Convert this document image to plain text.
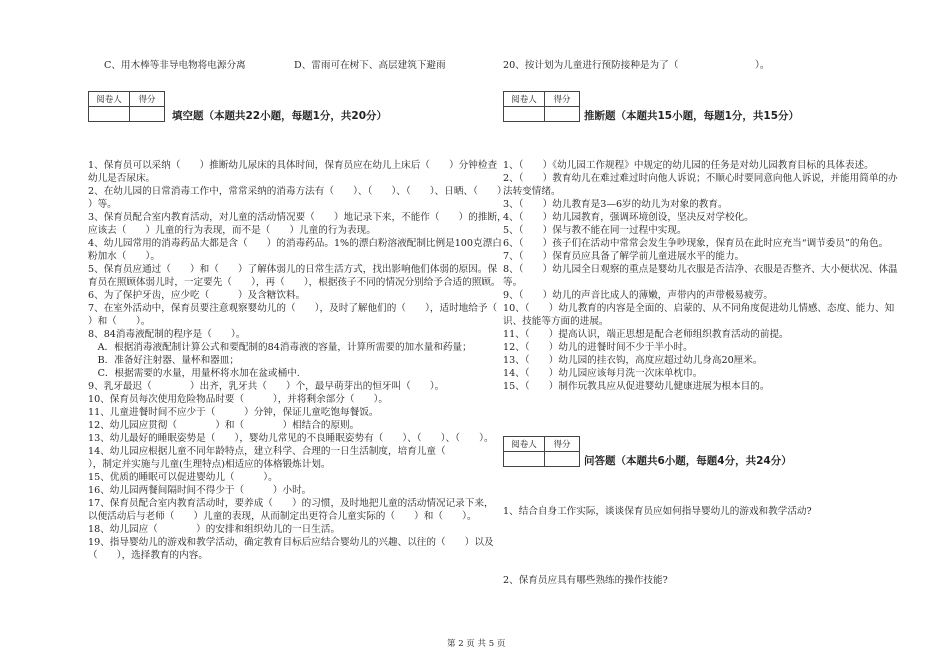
C、用木棒等非导电物将电源分离	D、雷雨可在树下、高层建筑下避雨
阅卷人	得分

填空题（本题共22小题，每题1分，共20分）
1、保育员可以采纳（　　）推断幼儿尿床的具体时间，保育员应在幼儿上床后（　　）分钟检查
幼儿是否尿床。
2、在幼儿园的日常消毒工作中，常常采纳的消毒方法有（　　）、（　　）、（　　）、日晒、（　　）
）等。
3、保育员配合室内教育活动，对儿童的活动情况要（　　）地记录下来，不能作（　　）的推断，
应该去（　　）儿童的行为表现，而不是（　　）儿童的行为表现。
4、幼儿园常用的消毒药品大都是含（　　）的消毒药品。1%的漂白粉溶液配制比例是100克漂白
粉加水（　　）。
5、保育员应通过（　　）和（　　）了解体弱儿的日常生活方式，找出影响他们体弱的原因。保
育员在照顾体弱儿时，一定要先（　　），再（　　），根据孩子不同的情况分别给予合适的照顾。
6、为了保护牙齿，应少吃（　　　）及含糖饮料。
7、在室外活动中，保育员要注意观察婴幼儿的（　　），及时了解他们的（　　），适时地给予（
）和（　　）。
8、84消毒液配制的程序是（　　）。
　A．根据消毒液配制计算公式和要配制的84消毒液的容量，计算所需要的加水量和药量；
　B．准备好注射器、量杯和器皿；
　C．根据需要的水量，用量杯将水加在盆或桶中.
9、乳牙最迟（　　　　）出齐，乳牙共（　　）个，最早萌芽出的恒牙叫（　　）。
10、保育员每次使用危险物品时要（　　　），并将剩余部分（　　）。
11、儿童进餐时间不应少于（　　　）分钟，保证儿童吃饱每餐饭。
12、幼儿园应贯彻（　　　　）和（　　　　）相结合的原则。
13、幼儿最好的睡眠姿势是（　　），婴幼儿常见的不良睡眠姿势有（　　）、（　　）、（　　）。
14、幼儿园应根据儿童不同年龄特点，建立科学、合理的一日生活制度，培育儿童（　　　　
），制定并实施与儿童(生理特点)相适应的体格锻炼计划。
15、优质的睡眠可以促进婴幼儿（　　　）。
16、幼儿园两餐间隔时间不得少于（　　　）小时。
17、保育员配合室内教育活动时，要养成（　　）的习惯，及时地把儿童的活动情况记录下来，
以便活动后与老师（　　）儿童的表现，从而制定出更符合儿童实际的（　　）和（　　）。
18、幼儿园应（　　　　）的安排和组织幼儿的一日生活。
19、指导婴幼儿的游戏和教学活动，确定教育目标后应结合婴幼儿的兴趣、以往的（　　）以及
（　　），选择教育的内容。
20、按计划为儿童进行预防接种是为了（　　　　　　　　）。
阅卷人	得分

推断题（本题共15小题，每题1分，共15分）
1、（　　）《幼儿园工作规程》中规定的幼儿园的任务是对幼儿园教育目标的具体表述。
2、（　　）教育幼儿在难过难过时向他人诉说；不顺心时要同意向他人诉说，并能用简单的办
法转变情绪。
3、（　　）幼儿教育是3—6岁的幼儿为对象的教育。
4、（　　）幼儿园教育，强调环境创设，坚决反对学校化。
5、（　　）保与教不能在同一过程中实现。
6、（　　）孩子们在活动中常常会发生争吵现象，保育员在此时应充当“调节委员”的角色。
7、（　　）保育员应具备了解学前儿童进展水平的能力。
8、（　　）幼儿园全日观察的重点是婴幼儿衣服是否洁净、衣服是否整齐、大小便状况、体温
等。
9、（　　）幼儿的声音比成人的薄嫩，声带内的声带极易疲劳。
10、（　　）幼儿教育的内容是全面的、启蒙的、从不同角度促进幼儿情感、态度、能力、知
识、技能等方面的进展。
11、（　　）提高认识，端正思想是配合老师组织教育活动的前提。
12、（　　）幼儿的进餐时间不少于半小时。
13、（　　）幼儿园的挂衣钩，高度应超过幼儿身高20厘米。
14、（　　）幼儿园应该每月洗一次床单枕巾。
15、（　　）制作玩教具应从促进婴幼儿健康进展为根本目的。
阅卷人	得分

问答题（本题共6小题，每题4分，共24分）
1、结合自身工作实际，谈谈保育员应如何指导婴幼儿的游戏和教学活动?
2、保育员应具有哪些熟练的操作技能?
第 2 页 共 5 页
